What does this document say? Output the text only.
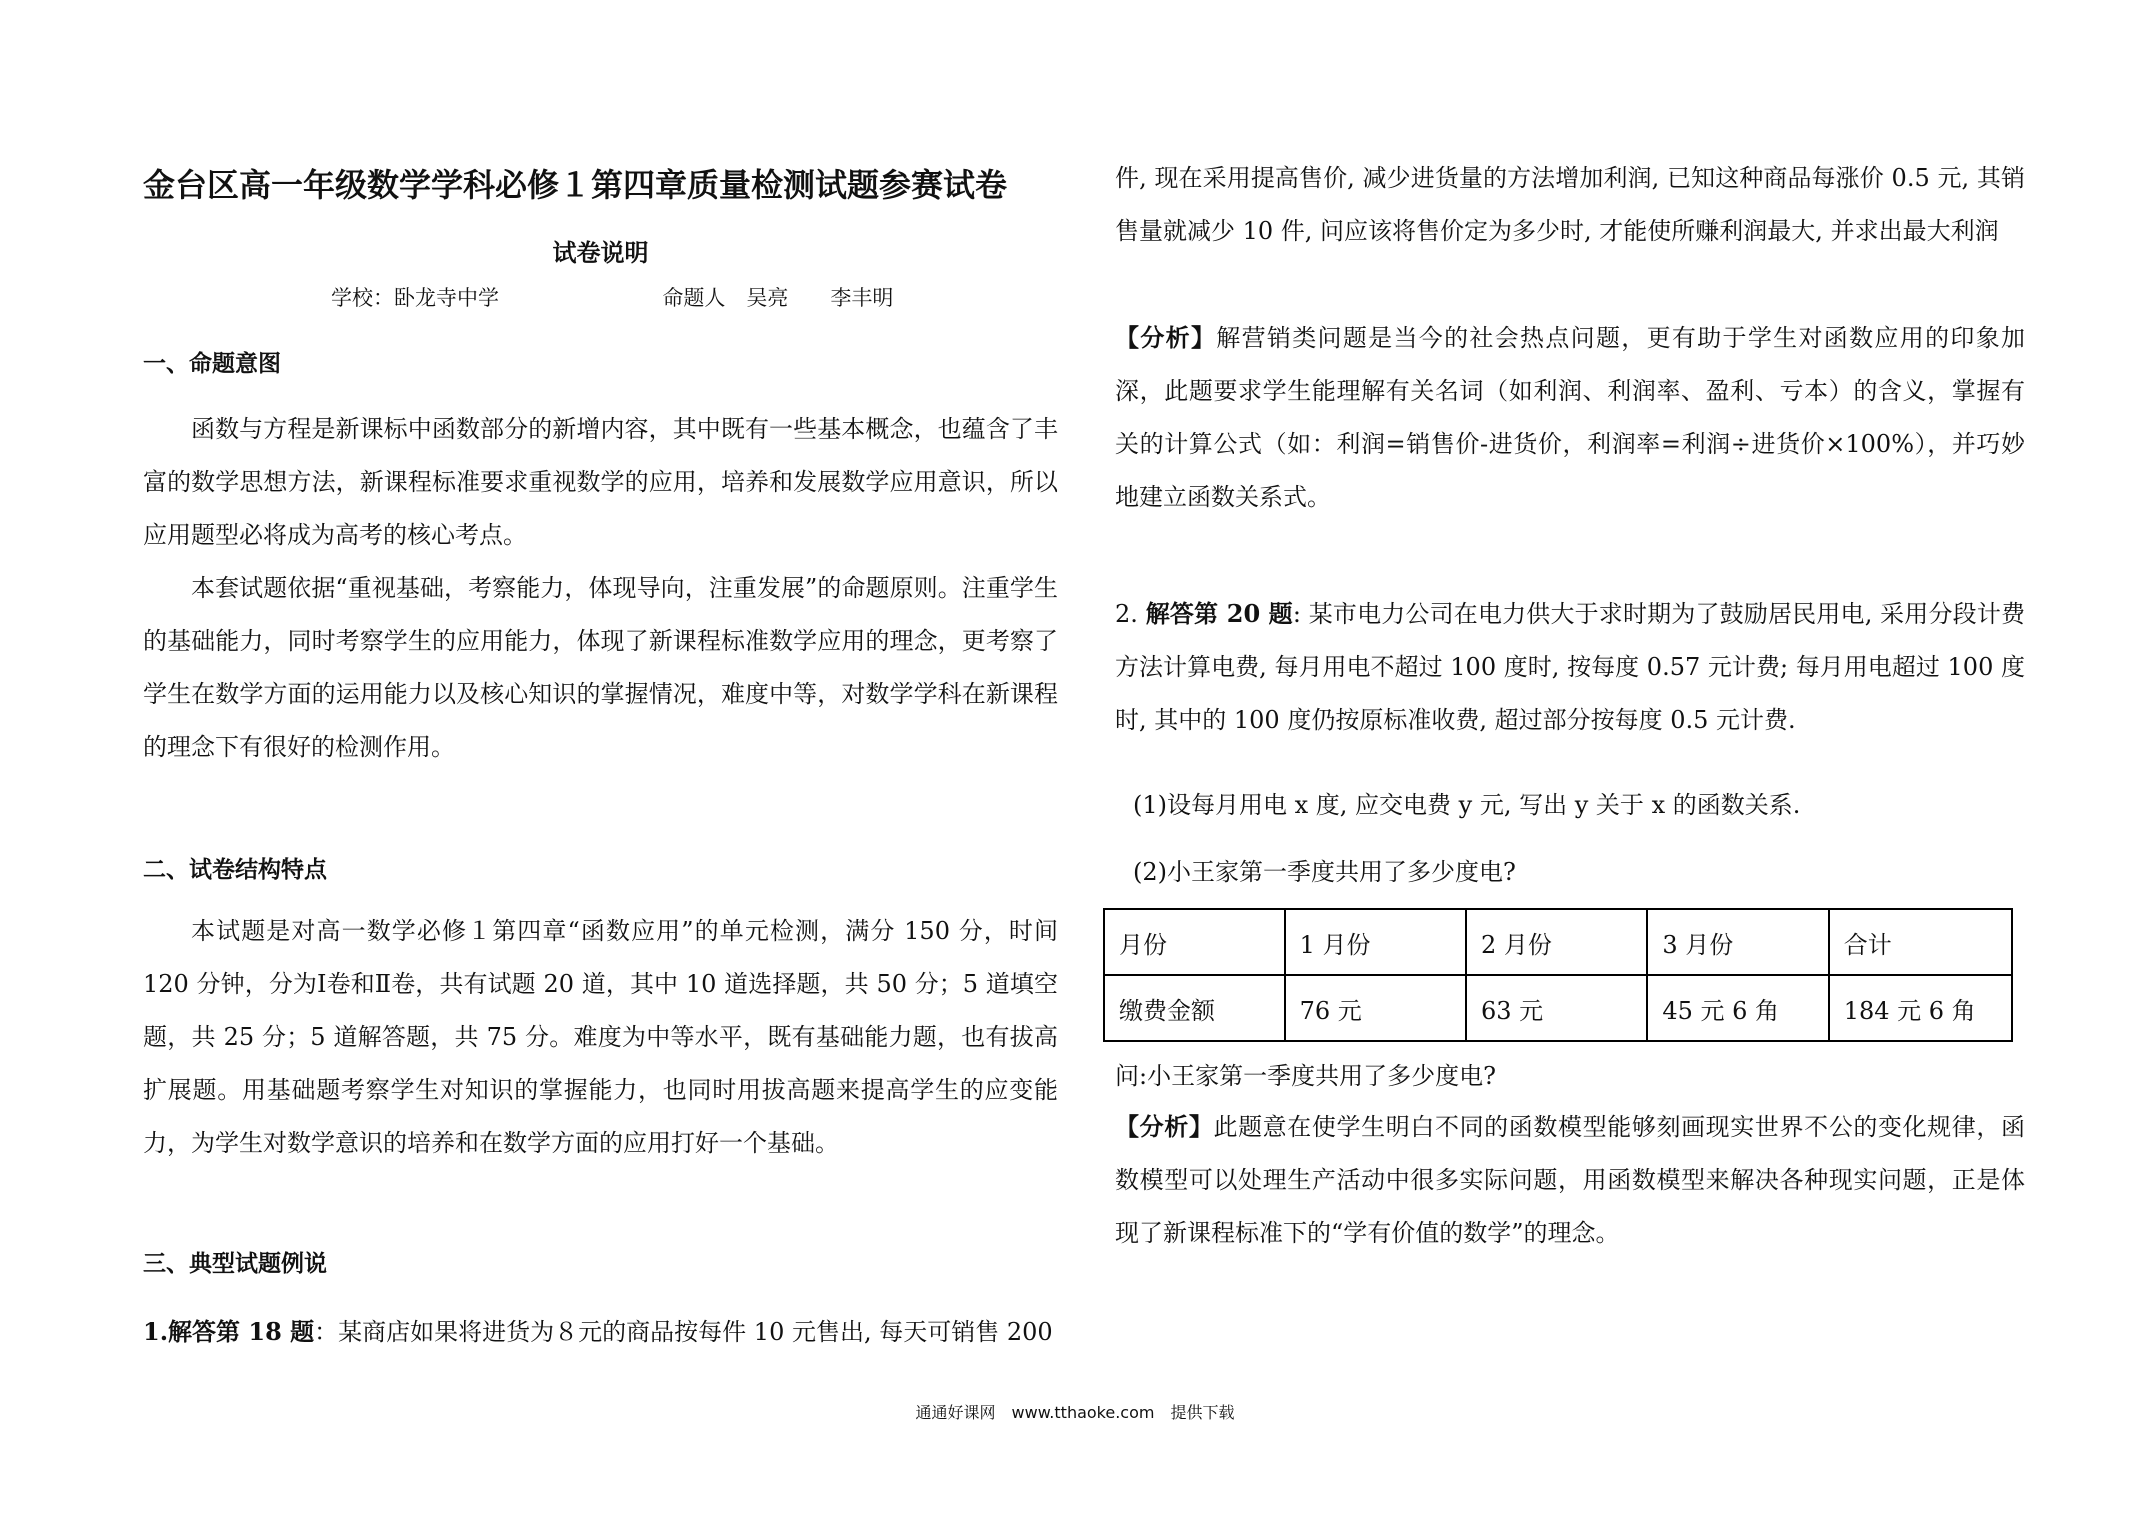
金台区高一年级数学学科必修１第四章质量检测试题参赛试卷
试卷说明
学校：卧龙寺中学	命题人　吴亮　　李丰明
一、命题意图
函数与方程是新课标中函数部分的新增内容，其中既有一些基本概念，也蕴含了丰富的数学思想方法，新课程标准要求重视数学的应用，培养和发展数学应用意识，所以应用题型必将成为高考的核心考点。
本套试题依据“重视基础，考察能力，体现导向，注重发展”的命题原则。注重学生的基础能力，同时考察学生的应用能力，体现了新课程标准数学应用的理念，更考察了学生在数学方面的运用能力以及核心知识的掌握情况，难度中等，对数学学科在新课程的理念下有很好的检测作用。
二、试卷结构特点
本试题是对高一数学必修１第四章“函数应用”的单元检测，满分 150 分，时间 120 分钟，分为Ⅰ卷和Ⅱ卷，共有试题 20 道，其中 10 道选择题，共 50 分；5 道填空题，共 25 分；5 道解答题，共 75 分。难度为中等水平，既有基础能力题，也有拔高扩展题。用基础题考察学生对知识的掌握能力，也同时用拔高题来提高学生的应变能力，为学生对数学意识的培养和在数学方面的应用打好一个基础。
三、典型试题例说
1.解答第 18 题：某商店如果将进货为８元的商品按每件 10 元售出, 每天可销售 200
件, 现在采用提高售价, 减少进货量的方法增加利润, 已知这种商品每涨价 0.5 元, 其销售量就减少 10 件, 问应该将售价定为多少时, 才能使所赚利润最大, 并求出最大利润
【分析】解营销类问题是当今的社会热点问题，更有助于学生对函数应用的印象加深，此题要求学生能理解有关名词（如利润、利润率、盈利、亏本）的含义，掌握有关的计算公式（如：利润=销售价-进货价，利润率=利润÷进货价×100%），并巧妙地建立函数关系式。
2. 解答第 20 题: 某市电力公司在电力供大于求时期为了鼓励居民用电, 采用分段计费方法计算电费, 每月用电不超过 100 度时, 按每度 0.57 元计费; 每月用电超过 100 度时, 其中的 100 度仍按原标准收费, 超过部分按每度 0.5 元计费.
(1)设每月用电 x 度, 应交电费 y 元, 写出 y 关于 x 的函数关系.
(2)小王家第一季度共用了多少度电?
月份	1 月份	2 月份	3 月份	合计
缴费金额	76 元	63 元	45 元 6 角	184 元 6 角
问:小王家第一季度共用了多少度电?
【分析】此题意在使学生明白不同的函数模型能够刻画现实世界不公的变化规律，函数模型可以处理生产活动中很多实际问题，用函数模型来解决各种现实问题，正是体现了新课程标准下的“学有价值的数学”的理念。
通通好课网　www.tthaoke.com　提供下载
